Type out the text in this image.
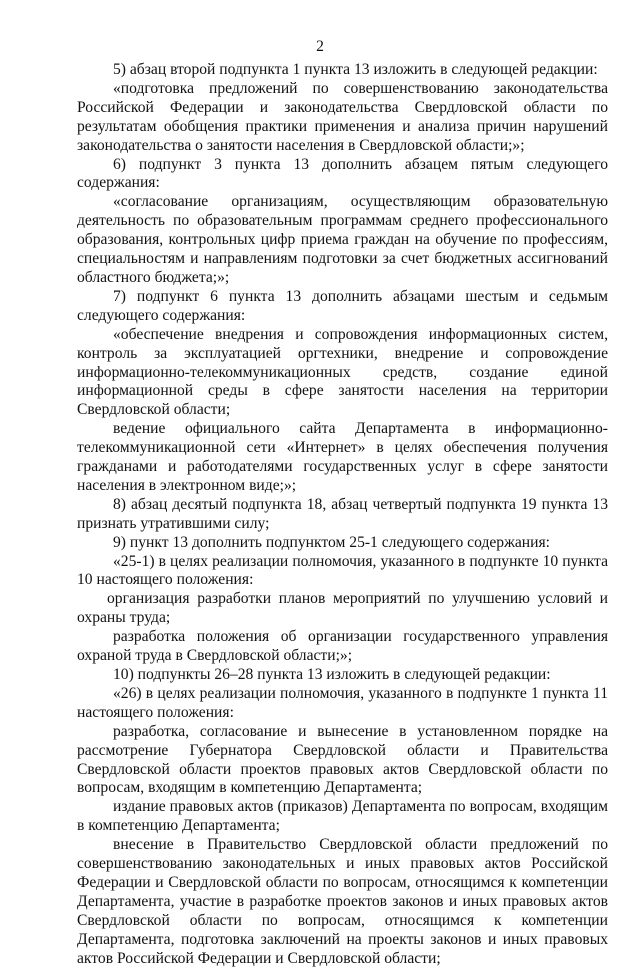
2

5) абзац второй подпункта 1 пункта 13 изложить в следующей редакции:

«подготовка предложений по совершенствованию законодательства Российской Федерации и законодательства Свердловской области по результатам обобщения практики применения и анализа причин нарушений законодательства о занятости населения в Свердловской области;»;

6) подпункт 3 пункта 13 дополнить абзацем пятым следующего содержания:

«согласование организациям, осуществляющим образовательную деятельность по образовательным программам среднего профессионального образования, контрольных цифр приема граждан на обучение по профессиям, специальностям и направлениям подготовки за счет бюджетных ассигнований областного бюджета;»;

7) подпункт 6 пункта 13 дополнить абзацами шестым и седьмым следующего содержания:

«обеспечение внедрения и сопровождения информационных систем, контроль за эксплуатацией оргтехники, внедрение и сопровождение информационно-телекоммуникационных средств, создание единой информационной среды в сфере занятости населения на территории Свердловской области;

ведение официального сайта Департамента в информационно-телекоммуникационной сети «Интернет» в целях обеспечения получения гражданами и работодателями государственных услуг в сфере занятости населения в электронном виде;»;

8) абзац десятый подпункта 18, абзац четвертый подпункта 19 пункта 13 признать утратившими силу;

9) пункт 13 дополнить подпунктом 25-1 следующего содержания:

«25-1) в целях реализации полномочия, указанного в подпункте 10 пункта 10 настоящего положения:

организация разработки планов мероприятий по улучшению условий и охраны труда;

разработка положения об организации государственного управления охраной труда в Свердловской области;»;

10) подпункты 26–28 пункта 13 изложить в следующей редакции:

«26) в целях реализации полномочия, указанного в подпункте 1 пункта 11 настоящего положения:

разработка, согласование и вынесение в установленном порядке на рассмотрение Губернатора Свердловской области и Правительства Свердловской области проектов правовых актов Свердловской области по вопросам, входящим в компетенцию Департамента;

издание правовых актов (приказов) Департамента по вопросам, входящим в компетенцию Департамента;

внесение в Правительство Свердловской области предложений по совершенствованию законодательных и иных правовых актов Российской Федерации и Свердловской области по вопросам, относящимся к компетенции Департамента, участие в разработке проектов законов и иных правовых актов Свердловской области по вопросам, относящимся к компетенции Департамента, подготовка заключений на проекты законов и иных правовых актов Российской Федерации и Свердловской области;
